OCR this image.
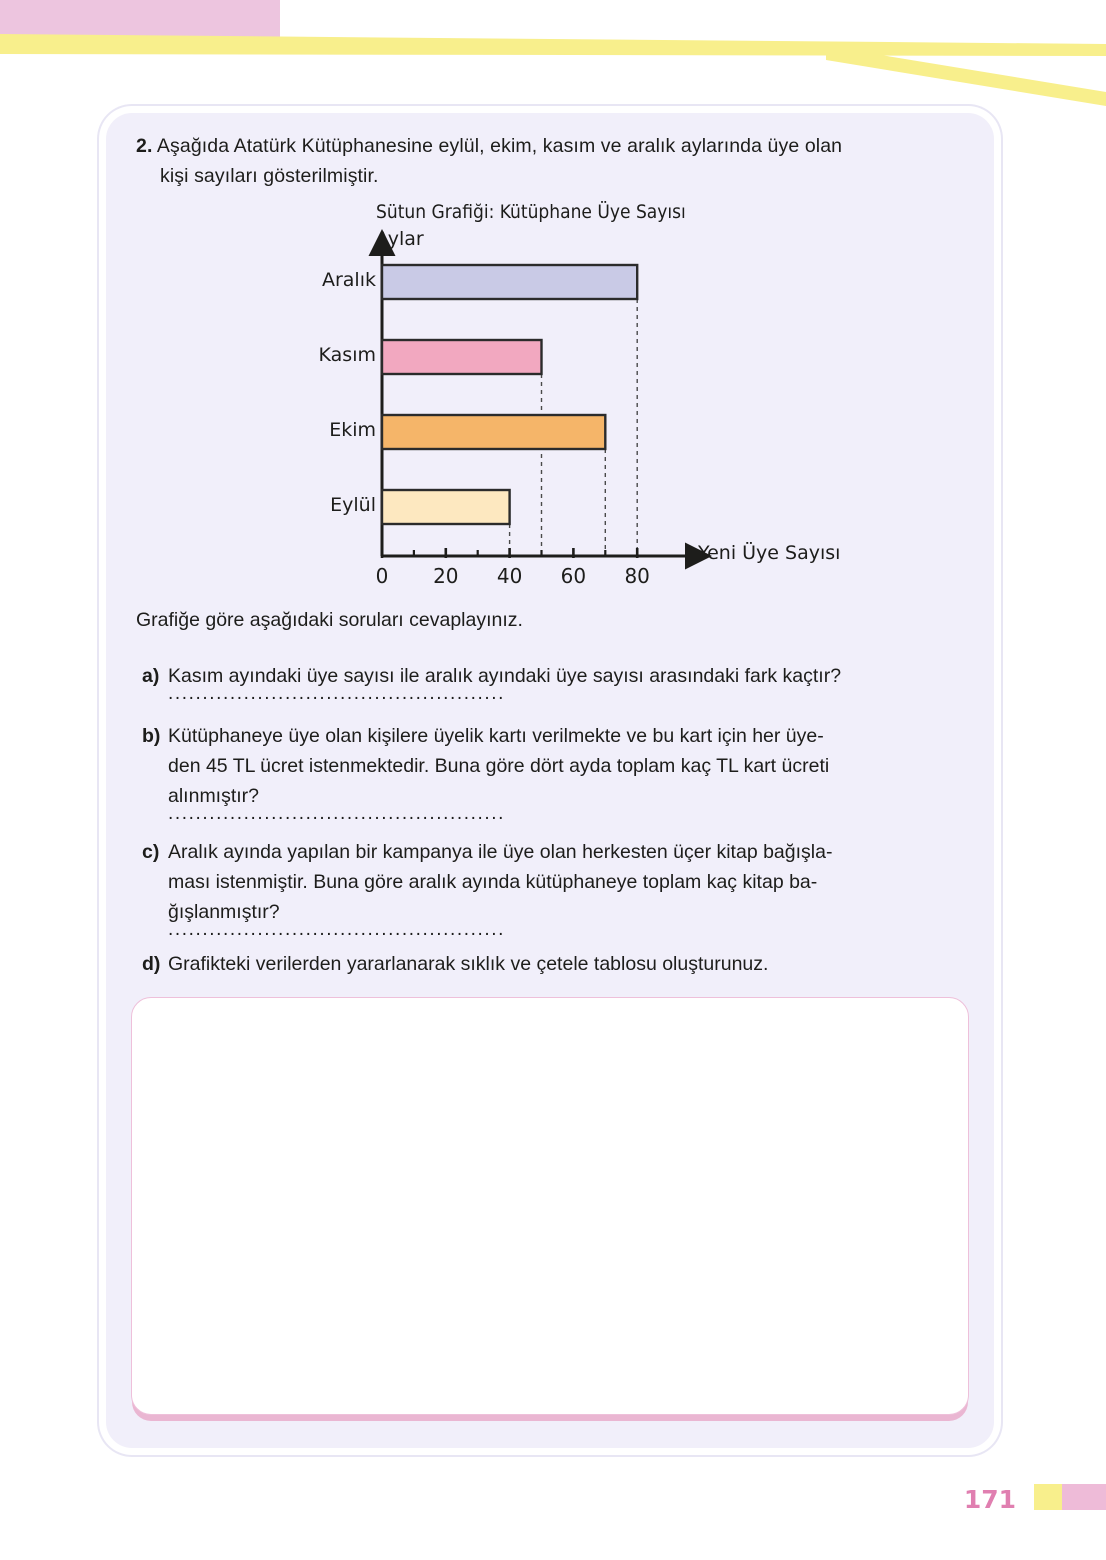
2. Aşağıda Atatürk Kütüphanesine eylül, ekim, kasım ve aralık aylarında üye olan
kişi sayıları gösterilmiştir.
Sütun Grafiği: Kütüphane Üye Sayısı
Aylar
Aralık
Kasım
Ekim
Eylül
0 20 40 60 80
Yeni Üye Sayısı
Grafiğe göre aşağıdaki soruları cevaplayınız.
a) Kasım ayındaki üye sayısı ile aralık ayındaki üye sayısı arasındaki fark kaçtır?
.................................................
b) Kütüphaneye üye olan kişilere üyelik kartı verilmekte ve bu kart için her üye-
den 45 TL ücret istenmektedir. Buna göre dört ayda toplam kaç TL kart ücreti
alınmıştır?
.................................................
c) Aralık ayında yapılan bir kampanya ile üye olan herkesten üçer kitap bağışla-
ması istenmiştir. Buna göre aralık ayında kütüphaneye toplam kaç kitap ba-
ğışlanmıştır?
.................................................
d) Grafikteki verilerden yararlanarak sıklık ve çetele tablosu oluşturunuz.
171
